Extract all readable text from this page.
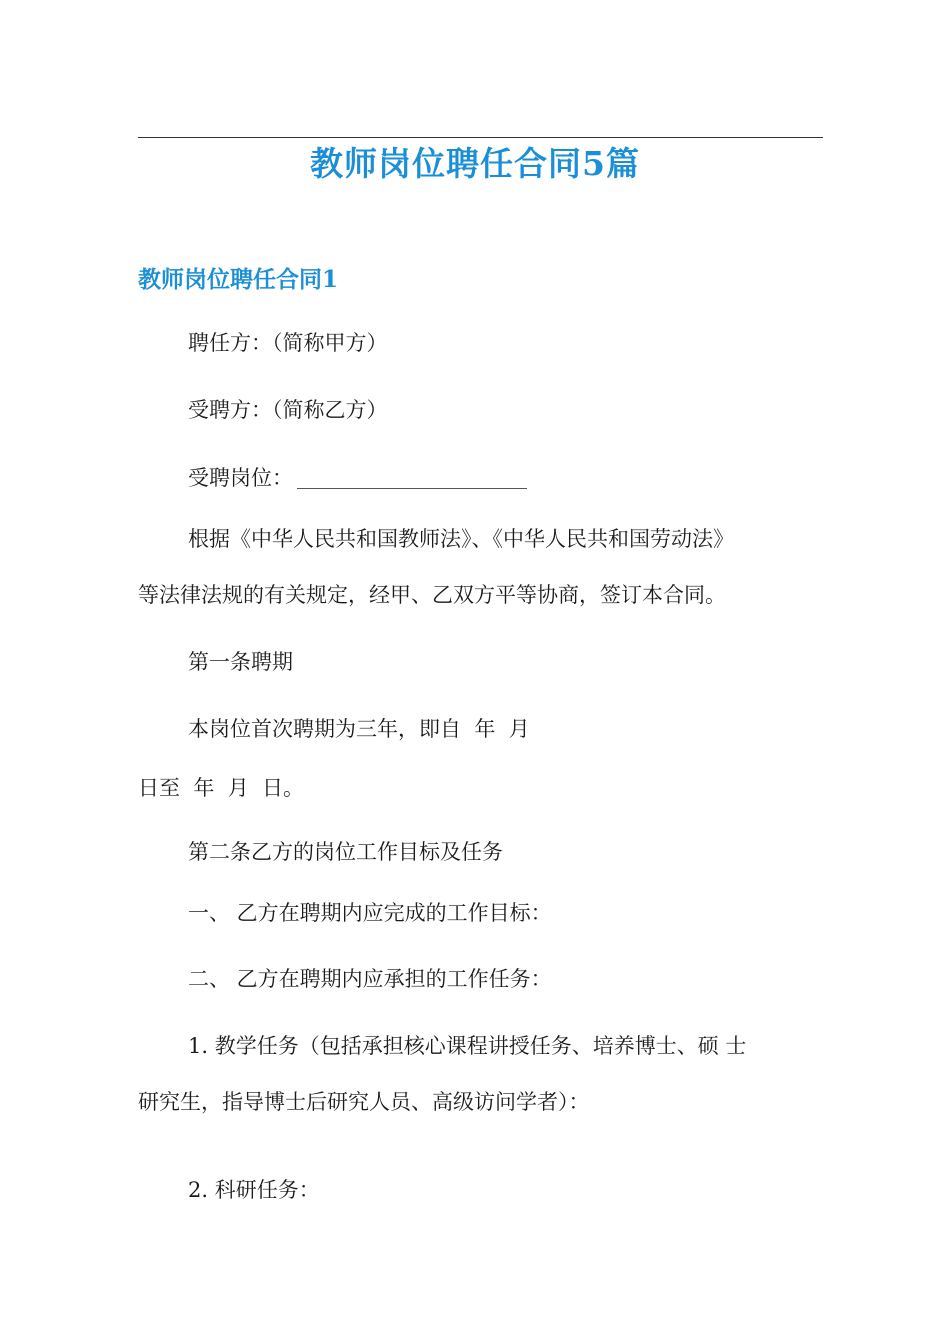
教师岗位聘任合同5篇
教师岗位聘任合同1
聘任方：（简称甲方）
受聘方：（简称乙方）
受聘岗位：
根据《中华人民共和国教师法》、《中华人民共和国劳动法》
等法律法规的有关规定，经甲、乙双方平等协商，签订本合同。
第一条聘期
本岗位首次聘期为三年，即自  年  月
日至  年  月  日。
第二条乙方的岗位工作目标及任务
一、 乙方在聘期内应完成的工作目标：
二、 乙方在聘期内应承担的工作任务：
1. 教学任务（包括承担核心课程讲授任务、培养博士、硕 士
研究生，指导博士后研究人员、高级访问学者）：
2. 科研任务：
